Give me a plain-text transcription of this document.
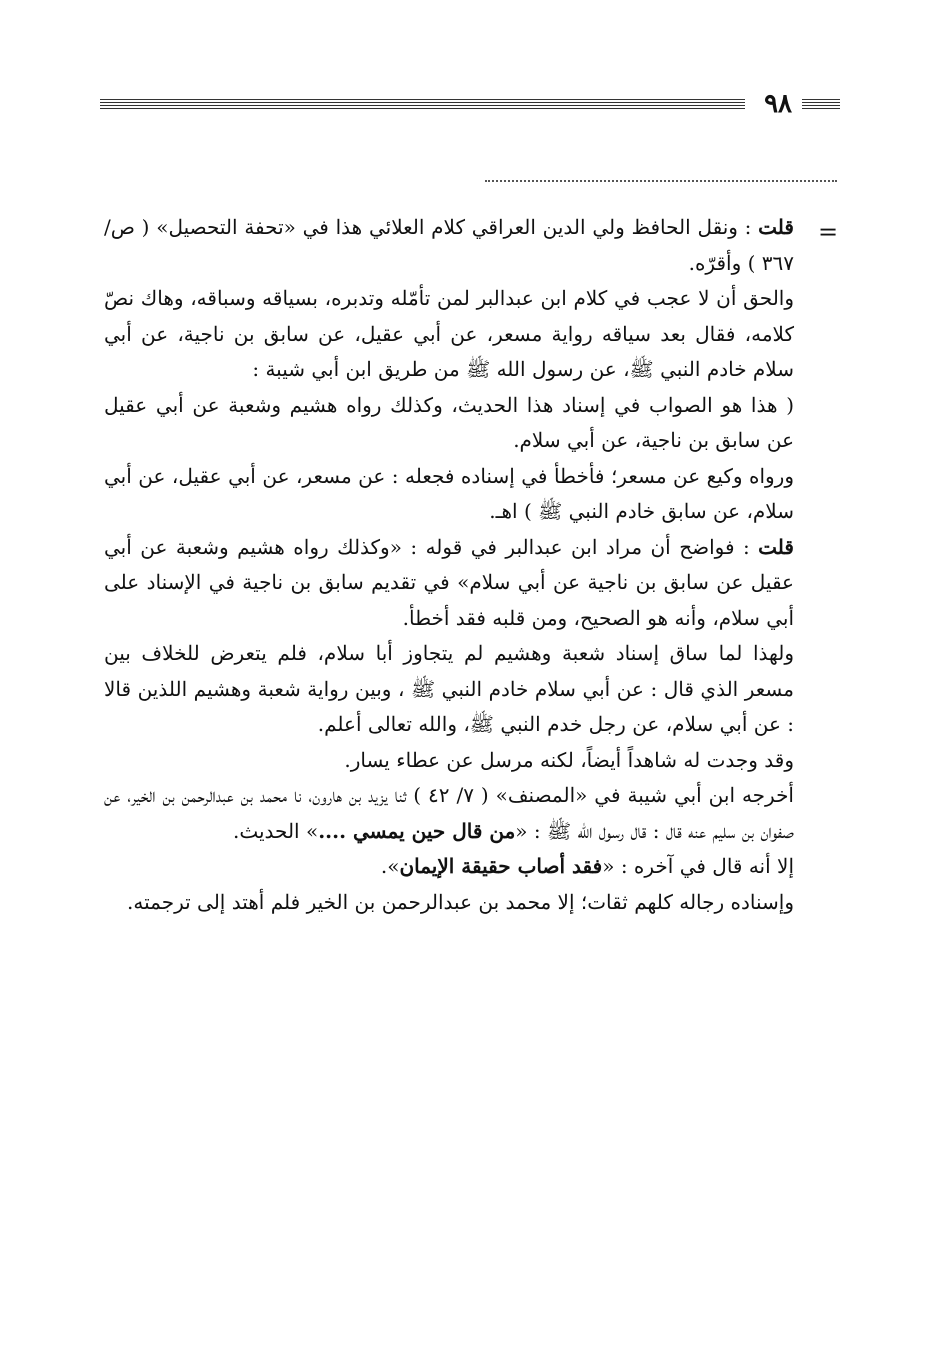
٩٨
=

قلت : ونقل الحافظ ولي الدين العراقي كلام العلائي هذا في «تحفة التحصيل» ( ص/٣٦٧ ) وأقرّه.

والحق أن لا عجب في كلام ابن عبدالبر لمن تأمّله وتدبره، بسياقه وسباقه، وهاك نصّ كلامه، فقال بعد سياقه رواية مسعر، عن أبي عقيل، عن سابق بن ناجية، عن أبي سلام خادم النبي ﷺ، عن رسول الله ﷺ من طريق ابن أبي شيبة :

( هذا هو الصواب في إسناد هذا الحديث، وكذلك رواه هشيم وشعبة عن أبي عقيل عن سابق بن ناجية، عن أبي سلام.

ورواه وكيع عن مسعر؛ فأخطأ في إسناده فجعله : عن مسعر، عن أبي عقيل، عن أبي سلام، عن سابق خادم النبي ﷺ ) اهـ.

قلت : فواضح أن مراد ابن عبدالبر في قوله : «وكذلك رواه هشيم وشعبة عن أبي عقيل عن سابق بن ناجية عن أبي سلام» في تقديم سابق بن ناجية في الإسناد على أبي سلام، وأنه هو الصحيح، ومن قلبه فقد أخطأ.

ولهذا لما ساق إسناد شعبة وهشيم لم يتجاوز أبا سلام، فلم يتعرض للخلاف بين مسعر الذي قال : عن أبي سلام خادم النبي ﷺ ، وبين رواية شعبة وهشيم اللذين قالا : عن أبي سلام، عن رجل خدم النبي ﷺ، والله تعالى أعلم.

وقد وجدت له شاهداً أيضاً، لكنه مرسل عن عطاء يسار.

أخرجه ابن أبي شيبة في «المصنف» ( ٧/ ٤٢ ) ثنا يزيد بن هارون، نا محمد بن عبدالرحمن بن الخير، عن صفوان بن سليم عنه قال : قال رسول الله ﷺ : «من قال حين يمسي ....» الحديث.

إلا أنه قال في آخره : «فقد أصاب حقيقة الإيمان».

وإسناده رجاله كلهم ثقات؛ إلا محمد بن عبدالرحمن بن الخير فلم أهتد إلى ترجمته.
